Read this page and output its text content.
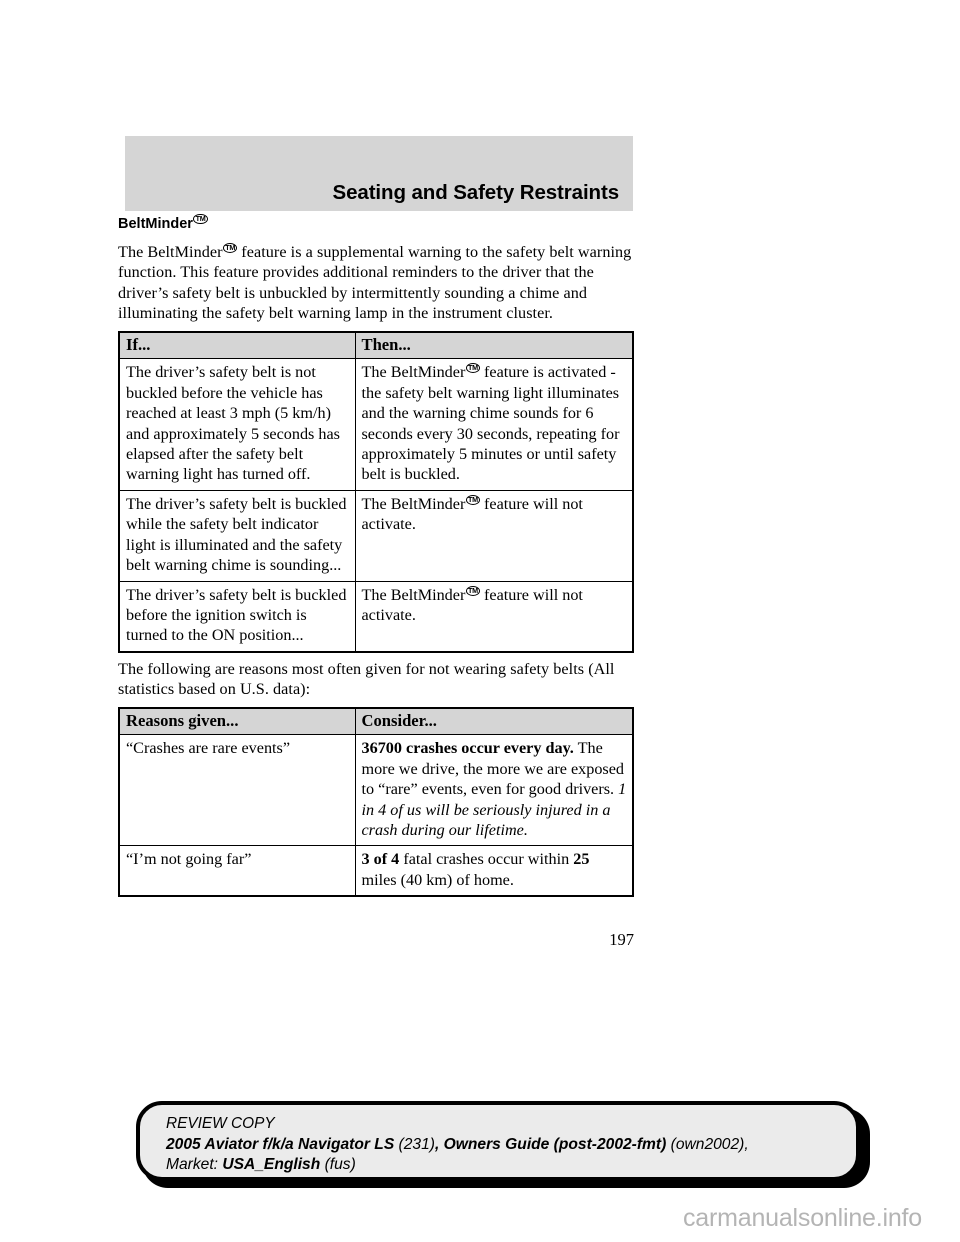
Seating and Safety Restraints
BeltMinder TM

The BeltMinder TM feature is a supplemental warning to the safety belt warning function. This feature provides additional reminders to the driver that the driver’s safety belt is unbuckled by intermittently sounding a chime and illuminating the safety belt warning lamp in the instrument cluster.

If...	Then...
The driver’s safety belt is not buckled before the vehicle has reached at least 3 mph (5 km/h) and approximately 5 seconds has elapsed after the safety belt warning light has turned off.	The BeltMinder TM feature is activated - the safety belt warning light illuminates and the warning chime sounds for 6 seconds every 30 seconds, repeating for approximately 5 minutes or until safety belt is buckled.
The driver’s safety belt is buckled while the safety belt indicator light is illuminated and the safety belt warning chime is sounding...	The BeltMinder TM feature will not activate.
The driver’s safety belt is buckled before the ignition switch is turned to the ON position...	The BeltMinder TM feature will not activate.

The following are reasons most often given for not wearing safety belts (All statistics based on U.S. data):

Reasons given...	Consider...
“Crashes are rare events”	36700 crashes occur every day. The more we drive, the more we are exposed to “rare” events, even for good drivers. 1 in 4 of us will be seriously injured in a crash during our lifetime.
“I’m not going far”	3 of 4 fatal crashes occur within 25 miles (40 km) of home.
197
REVIEW COPY
2005 Aviator f/k/a Navigator LS (231), Owners Guide (post-2002-fmt) (own2002),
Market: USA_English (fus)
carmanualsonline.info
